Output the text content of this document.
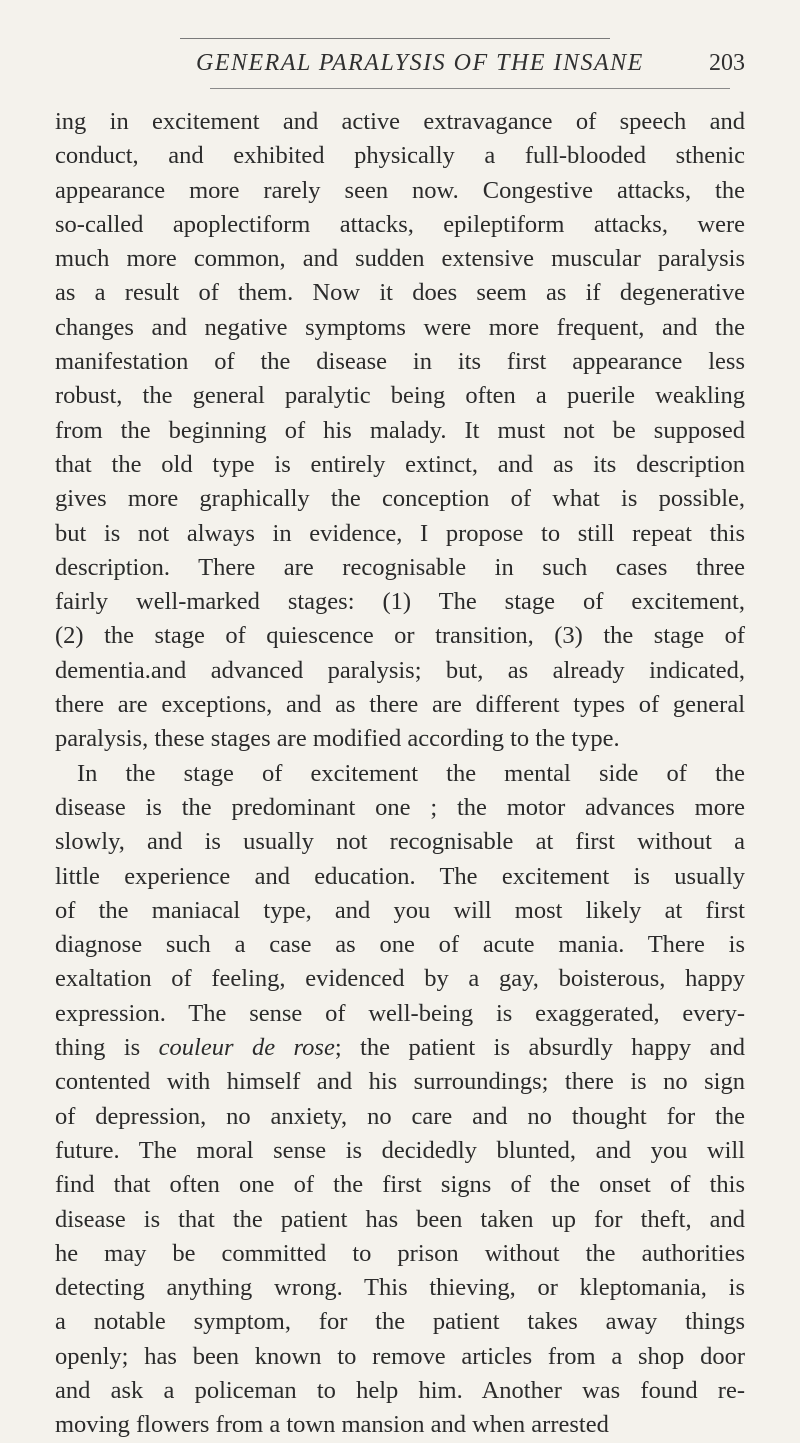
GENERAL PARALYSIS OF THE INSANE	203
ing in excitement and active extravagance of speech and
conduct, and exhibited physically a full-blooded sthenic
appearance more rarely seen now. Congestive attacks, the
so-called apoplectiform attacks, epileptiform attacks, were
much more common, and sudden extensive muscular paralysis
as a result of them. Now it does seem as if degenerative
changes and negative symptoms were more frequent, and the
manifestation of the disease in its first appearance less
robust, the general paralytic being often a puerile weakling
from the beginning of his malady. It must not be supposed
that the old type is entirely extinct, and as its description
gives more graphically the conception of what is possible,
but is not always in evidence, I propose to still repeat this
description. There are recognisable in such cases three
fairly well-marked stages: (1) The stage of excitement,
(2) the stage of quiescence or transition, (3) the stage of
dementia.and advanced paralysis; but, as already indicated,
there are exceptions, and as there are different types of general
paralysis, these stages are modified according to the type.
In the stage of excitement the mental side of the
disease is the predominant one ; the motor advances more
slowly, and is usually not recognisable at first without a
little experience and education. The excitement is usually
of the maniacal type, and you will most likely at first
diagnose such a case as one of acute mania. There is
exaltation of feeling, evidenced by a gay, boisterous, happy
expression. The sense of well-being is exaggerated, every-
thing is couleur de rose; the patient is absurdly happy and
contented with himself and his surroundings; there is no sign
of depression, no anxiety, no care and no thought for the
future. The moral sense is decidedly blunted, and you will
find that often one of the first signs of the onset of this
disease is that the patient has been taken up for theft, and
he may be committed to prison without the authorities
detecting anything wrong. This thieving, or kleptomania, is
a notable symptom, for the patient takes away things
openly; has been known to remove articles from a shop door
and ask a policeman to help him. Another was found re-
moving flowers from a town mansion and when arrested
